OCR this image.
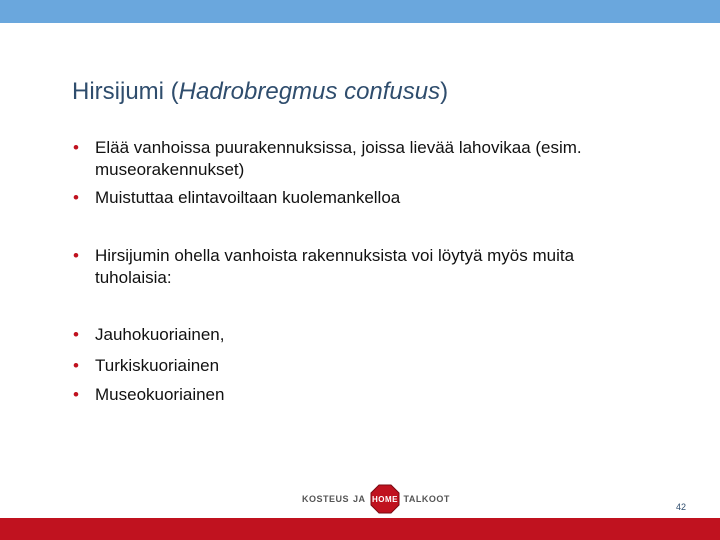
Hirsijumi (Hadrobregmus confusus)
• Elää vanhoissa puurakennuksissa, joissa lievää lahovikaa (esim. museorakennukset)
• Muistuttaa elintavoiltaan kuolemankelloa
• Hirsijumin ohella vanhoista rakennuksista voi löytyä myös muita tuholaisia:
• Jauhokuoriainen,
• Turkiskuoriainen
• Museokuoriainen
KOSTEUS JA HOME TALKOOT
42
